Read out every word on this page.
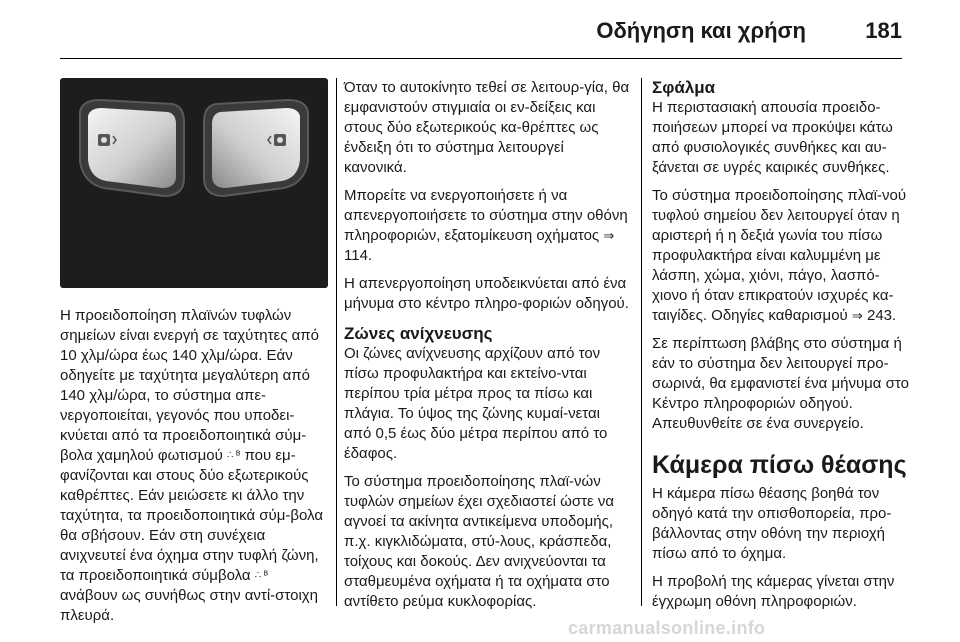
Οδήγηση και χρήση	181

Η προειδοποίηση πλαϊνών τυφλών σημείων είναι ενεργή σε ταχύτητες από 10 χλμ/ώρα έως 140 χλμ/ώρα. Εάν οδηγείτε με ταχύτητα μεγαλύτερη από 140 χλμ/ώρα, το σύστημα απε-νεργοποιείται, γεγονός που υποδει-κνύεται από τα προειδοποιητικά σύμ-βολα χαμηλού φωτισμού ∴ ᴮ που εμ-φανίζονται και στους δύο εξωτερικούς καθρέπτες. Εάν μειώσετε κι άλλο την ταχύτητα, τα προειδοποιητικά σύμ-βολα θα σβήσουν. Εάν στη συνέχεια ανιχνευτεί ένα όχημα στην τυφλή ζώνη, τα προειδοποιητικά σύμβολα ∴ ᴮ ανάβουν ως συνήθως στην αντί-στοιχη πλευρά.

Όταν το αυτοκίνητο τεθεί σε λειτουρ-γία, θα εμφανιστούν στιγμιαία οι εν-δείξεις και στους δύο εξωτερικούς κα-θρέπτες ως ένδειξη ότι το σύστημα λειτουργεί κανονικά.

Μπορείτε να ενεργοποιήσετε ή να απενεργοποιήσετε το σύστημα στην οθόνη πληροφοριών, εξατομίκευση οχήματος ⇒ 114.

Η απενεργοποίηση υποδεικνύεται από ένα μήνυμα στο κέντρο πληρο-φοριών οδηγού.

Ζώνες ανίχνευσης

Οι ζώνες ανίχνευσης αρχίζουν από τον πίσω προφυλακτήρα και εκτείνο-νται περίπου τρία μέτρα προς τα πίσω και πλάγια. Το ύψος της ζώνης κυμαί-νεται από 0,5 έως δύο μέτρα περίπου από το έδαφος.

Το σύστημα προειδοποίησης πλαϊ-νών τυφλών σημείων έχει σχεδιαστεί ώστε να αγνοεί τα ακίνητα αντικείμενα υποδομής, π.χ. κιγκλιδώματα, στύ-λους, κράσπεδα, τοίχους και δοκούς. Δεν ανιχνεύονται τα σταθμευμένα οχήματα ή τα οχήματα στο αντίθετο ρεύμα κυκλοφορίας.

Σφάλμα

Η περιστασιακή απουσία προειδο-ποιήσεων μπορεί να προκύψει κάτω από φυσιολογικές συνθήκες και αυ-ξάνεται σε υγρές καιρικές συνθήκες.

Το σύστημα προειδοποίησης πλαϊ-νού τυφλού σημείου δεν λειτουργεί όταν η αριστερή ή η δεξιά γωνία του πίσω προφυλακτήρα είναι καλυμμένη με λάσπη, χώμα, χιόνι, πάγο, λασπό-χιονο ή όταν επικρατούν ισχυρές κα-ταιγίδες. Οδηγίες καθαρισμού ⇒ 243.

Σε περίπτωση βλάβης στο σύστημα ή εάν το σύστημα δεν λειτουργεί προ-σωρινά, θα εμφανιστεί ένα μήνυμα στο Κέντρο πληροφοριών οδηγού. Απευθυνθείτε σε ένα συνεργείο.

Κάμερα πίσω θέασης

Η κάμερα πίσω θέασης βοηθά τον οδηγό κατά την οπισθοπορεία, προ-βάλλοντας στην οθόνη την περιοχή πίσω από το όχημα.

Η προβολή της κάμερας γίνεται στην έγχρωμη οθόνη πληροφοριών.

carmanualsonline.info
